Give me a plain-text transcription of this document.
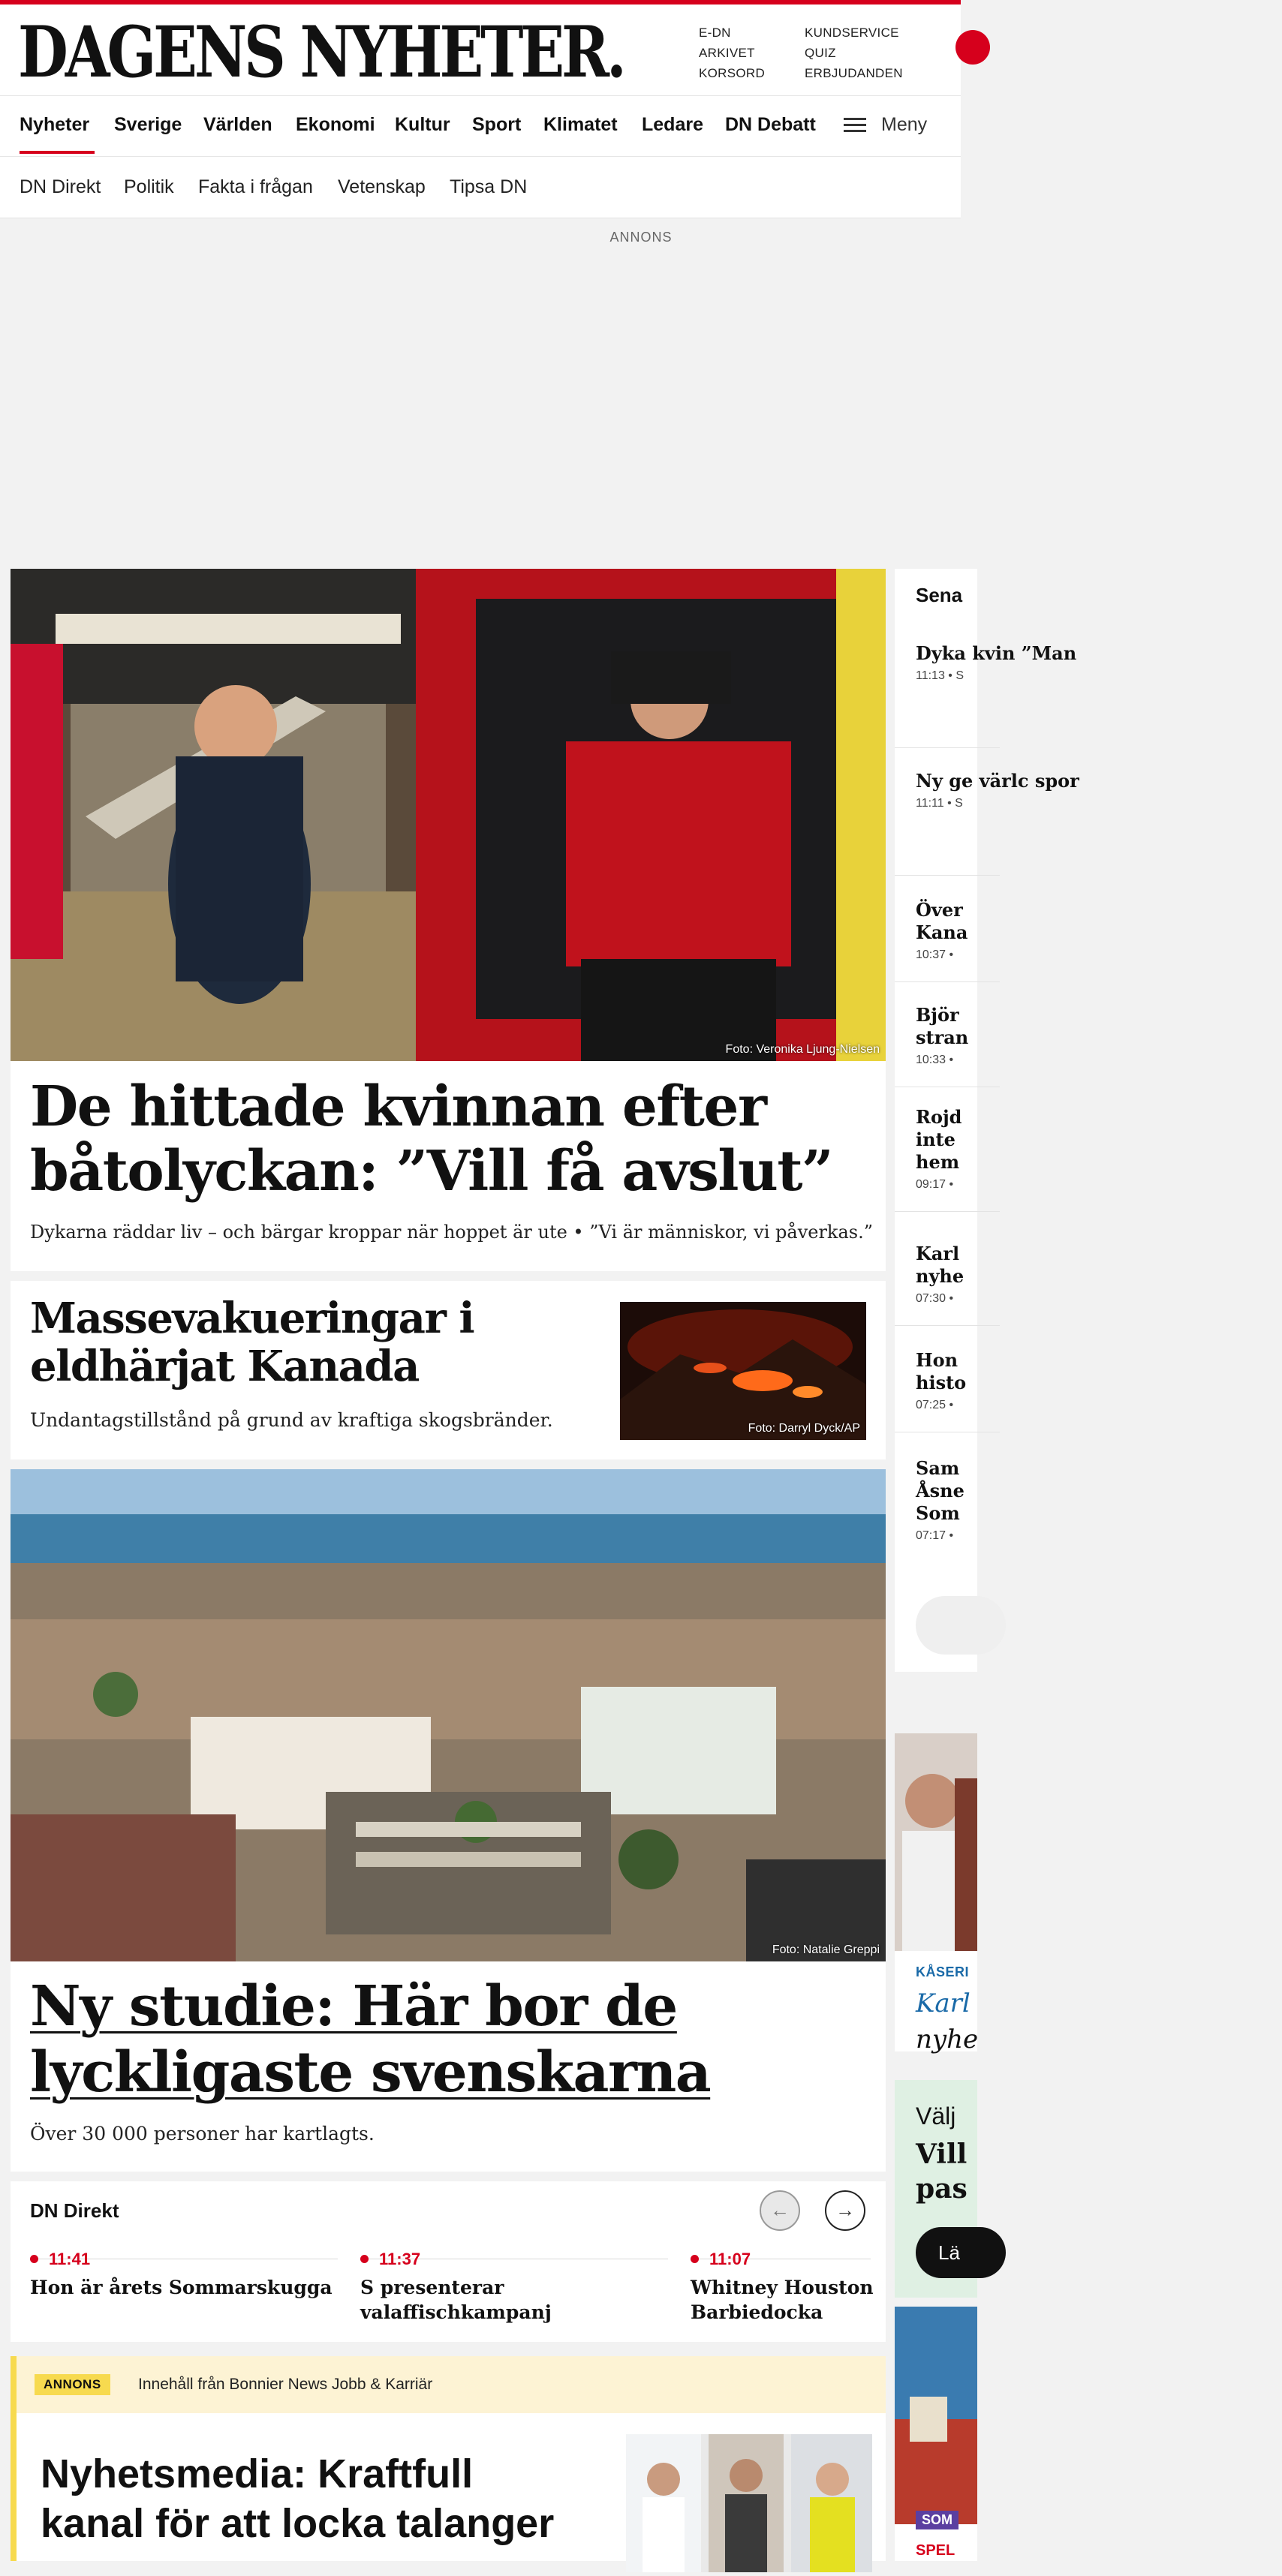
DAGENS NYHETER.	E-DN
ARKIVET
KORSORD
KUNDSERVICE
QUIZ
ERBJUDANDEN
Nyheter Sverige Världen Ekonomi Kultur Sport Klimatet Ledare DN Debatt	Meny
DN Direkt Politik Fakta i frågan Vetenskap Tipsa DN
ANNONS
Foto: Veronika Ljung-Nielsen
De hittade kvinnan efter båtolyckan: ”Vill få avslut”

Dykarna räddar liv – och bärgar kroppar när hoppet är ute • ”Vi är människor, vi påverkas.”

Massevakueringar i eldhärjat Kanada

Undantagstillstånd på grund av kraftiga skogsbränder.	Foto: Darryl Dyck/AP
Foto: Natalie Greppi
Ny studie: Här bor de lyckligaste svenskarna

Över 30 000 personer har kartlagts.

DN Direkt	←	→
11:41
Hon är årets Sommarskugga
11:37
S presenterar valaffischkampanj
11:07
Whitney Houston Barbiedocka
ANNONS	Innehåll från Bonnier News Jobb & Karriär
Nyhetsmedia: Kraftfull kanal för att locka talanger
Sena
Dyka kvin ”Man
11:13 • S
Ny ge värlc spor
11:11 • S
Över Kana
10:37 •
Björ stran
10:33 •
Rojd inte hem
09:17 •
Karl nyhe
07:30 •
Hon histo
07:25 •
Sam Åsne Som
07:17 •
KÅSERI
Karl
nyhe
Välj
Vill
pas
Lä
SOM
SPEL
